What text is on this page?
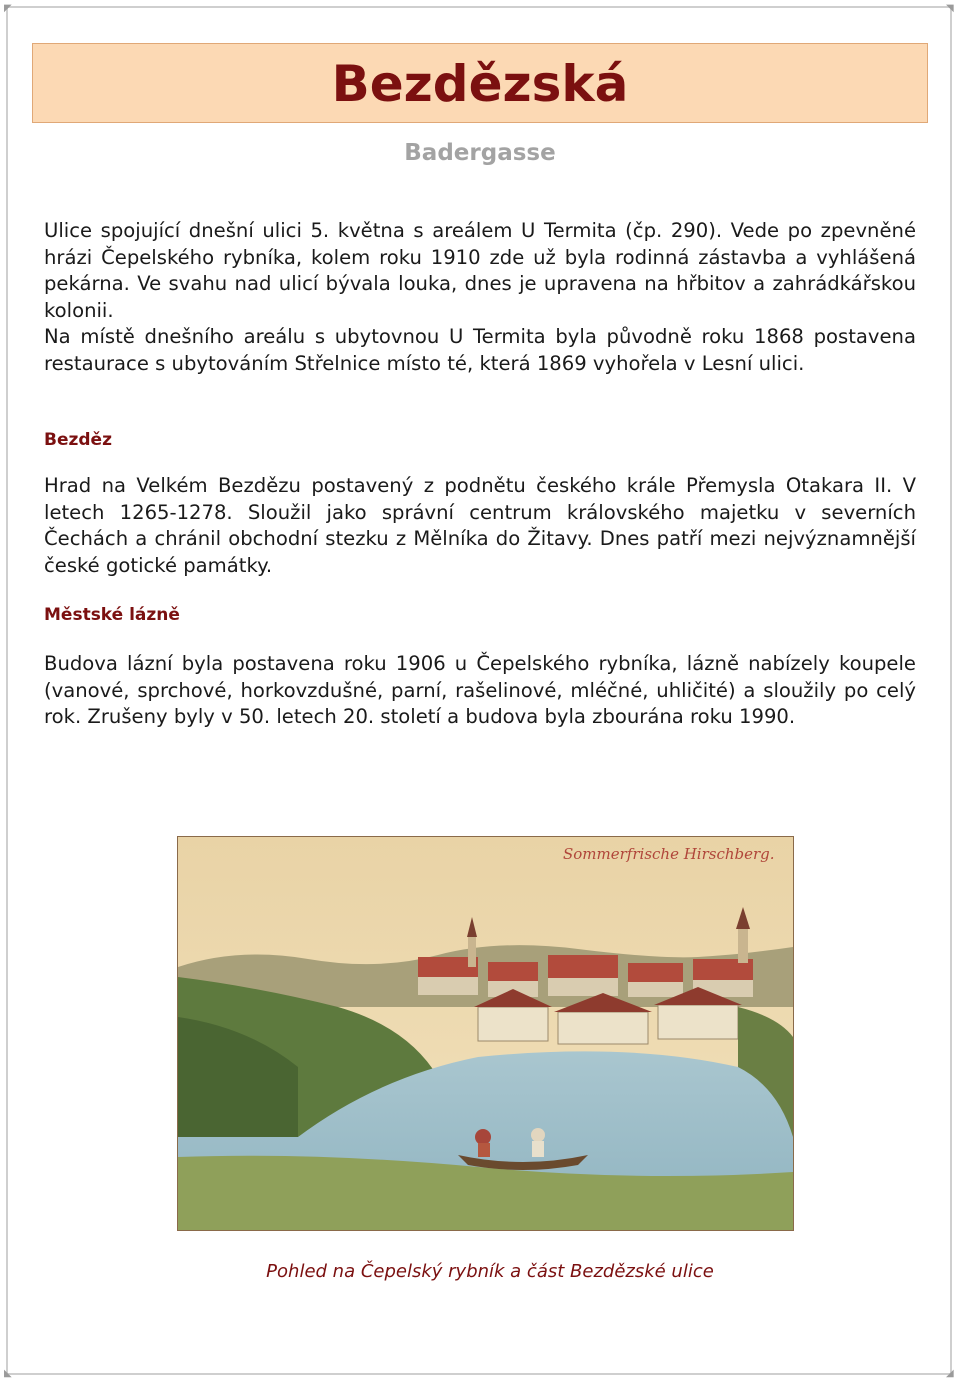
◤	◥
◣	◢
Bezdězská
Badergasse

Ulice spojující dnešní ulici 5. května s areálem U Termita (čp. 290). Vede po zpevněné hrázi Čepelského rybníka, kolem roku 1910 zde už byla rodinná zástavba a vyhlášená pekárna. Ve svahu nad ulicí bývala louka, dnes je upravena na hřbitov a zahrádkářskou kolonii.

Na místě dnešního areálu s ubytovnou U Termita byla původně roku 1868 postavena restaurace s ubytováním Střelnice místo té, která 1869 vyhořela v Lesní ulici.

Bezděz

Hrad na Velkém Bezdězu postavený z podnětu českého krále Přemysla Otakara II. V letech 1265-1278. Sloužil jako správní centrum královského majetku v severních Čechách a chránil obchodní stezku z Mělníka do Žitavy. Dnes patří mezi nejvýznamnější české gotické památky.

Městské lázně

Budova lázní byla postavena roku 1906 u Čepelského rybníka, lázně nabízely koupele (vanové, sprchové, horkovzdušné, parní, rašelinové, mléčné, uhličité) a sloužily po celý rok. Zrušeny byly v 50. letech 20. století a budova byla zbourána roku 1990.

Sommerfrische Hirschberg.
Pohled na Čepelský rybník a část Bezdězské ulice
